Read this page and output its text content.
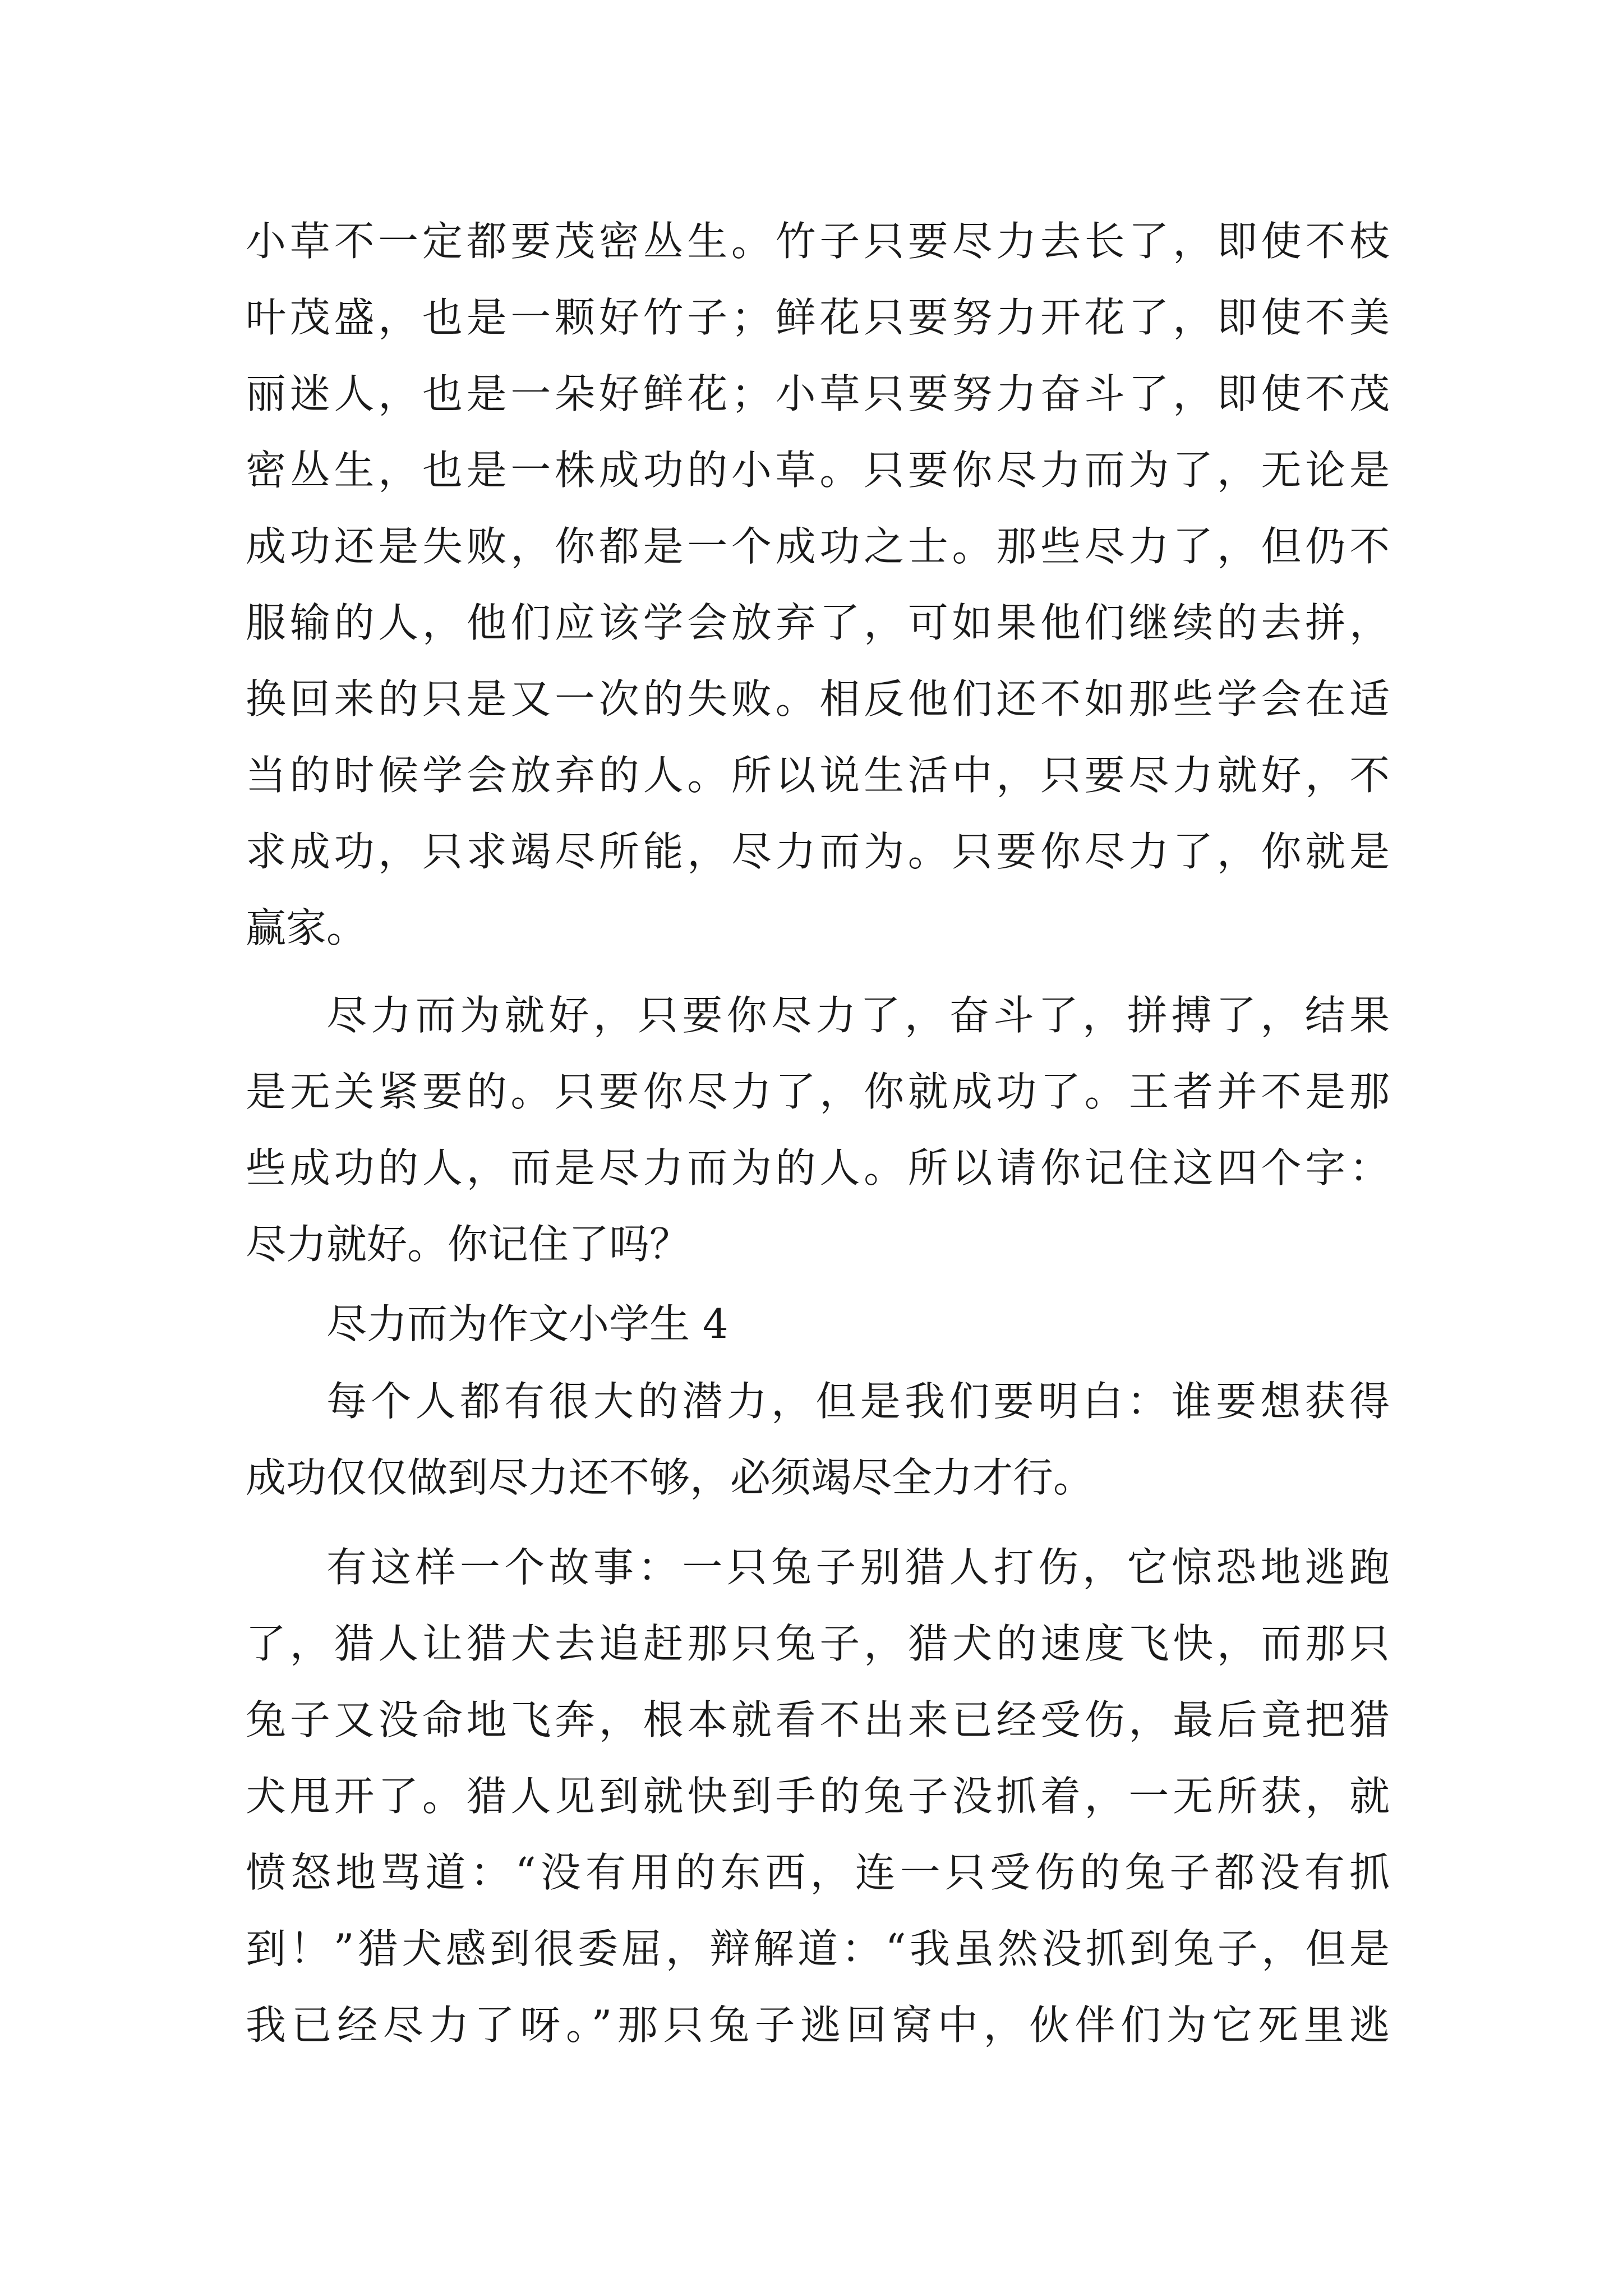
小草不一定都要茂密丛生。竹子只要尽力去长了，即使不枝
叶茂盛，也是一颗好竹子；鲜花只要努力开花了，即使不美
丽迷人，也是一朵好鲜花；小草只要努力奋斗了，即使不茂
密丛生，也是一株成功的小草。只要你尽力而为了，无论是
成功还是失败，你都是一个成功之士。那些尽力了，但仍不
服输的人，他们应该学会放弃了，可如果他们继续的去拼，
换回来的只是又一次的失败。相反他们还不如那些学会在适
当的时候学会放弃的人。所以说生活中，只要尽力就好，不
求成功，只求竭尽所能，尽力而为。只要你尽力了，你就是
赢家。
尽力而为就好，只要你尽力了，奋斗了，拼搏了，结果
是无关紧要的。只要你尽力了，你就成功了。王者并不是那
些成功的人，而是尽力而为的人。所以请你记住这四个字：
尽力就好。你记住了吗？
尽力而为作文小学生 4
每个人都有很大的潜力，但是我们要明白：谁要想获得
成功仅仅做到尽力还不够，必须竭尽全力才行。
有这样一个故事：一只兔子别猎人打伤，它惊恐地逃跑
了，猎人让猎犬去追赶那只兔子，猎犬的速度飞快，而那只
兔子又没命地飞奔，根本就看不出来已经受伤，最后竟把猎
犬甩开了。猎人见到就快到手的兔子没抓着，一无所获，就
愤怒地骂道：“没有用的东西，连一只受伤的兔子都没有抓
到！”猎犬感到很委屈，辩解道：“我虽然没抓到兔子，但是
我已经尽力了呀。”那只兔子逃回窝中，伙伴们为它死里逃
